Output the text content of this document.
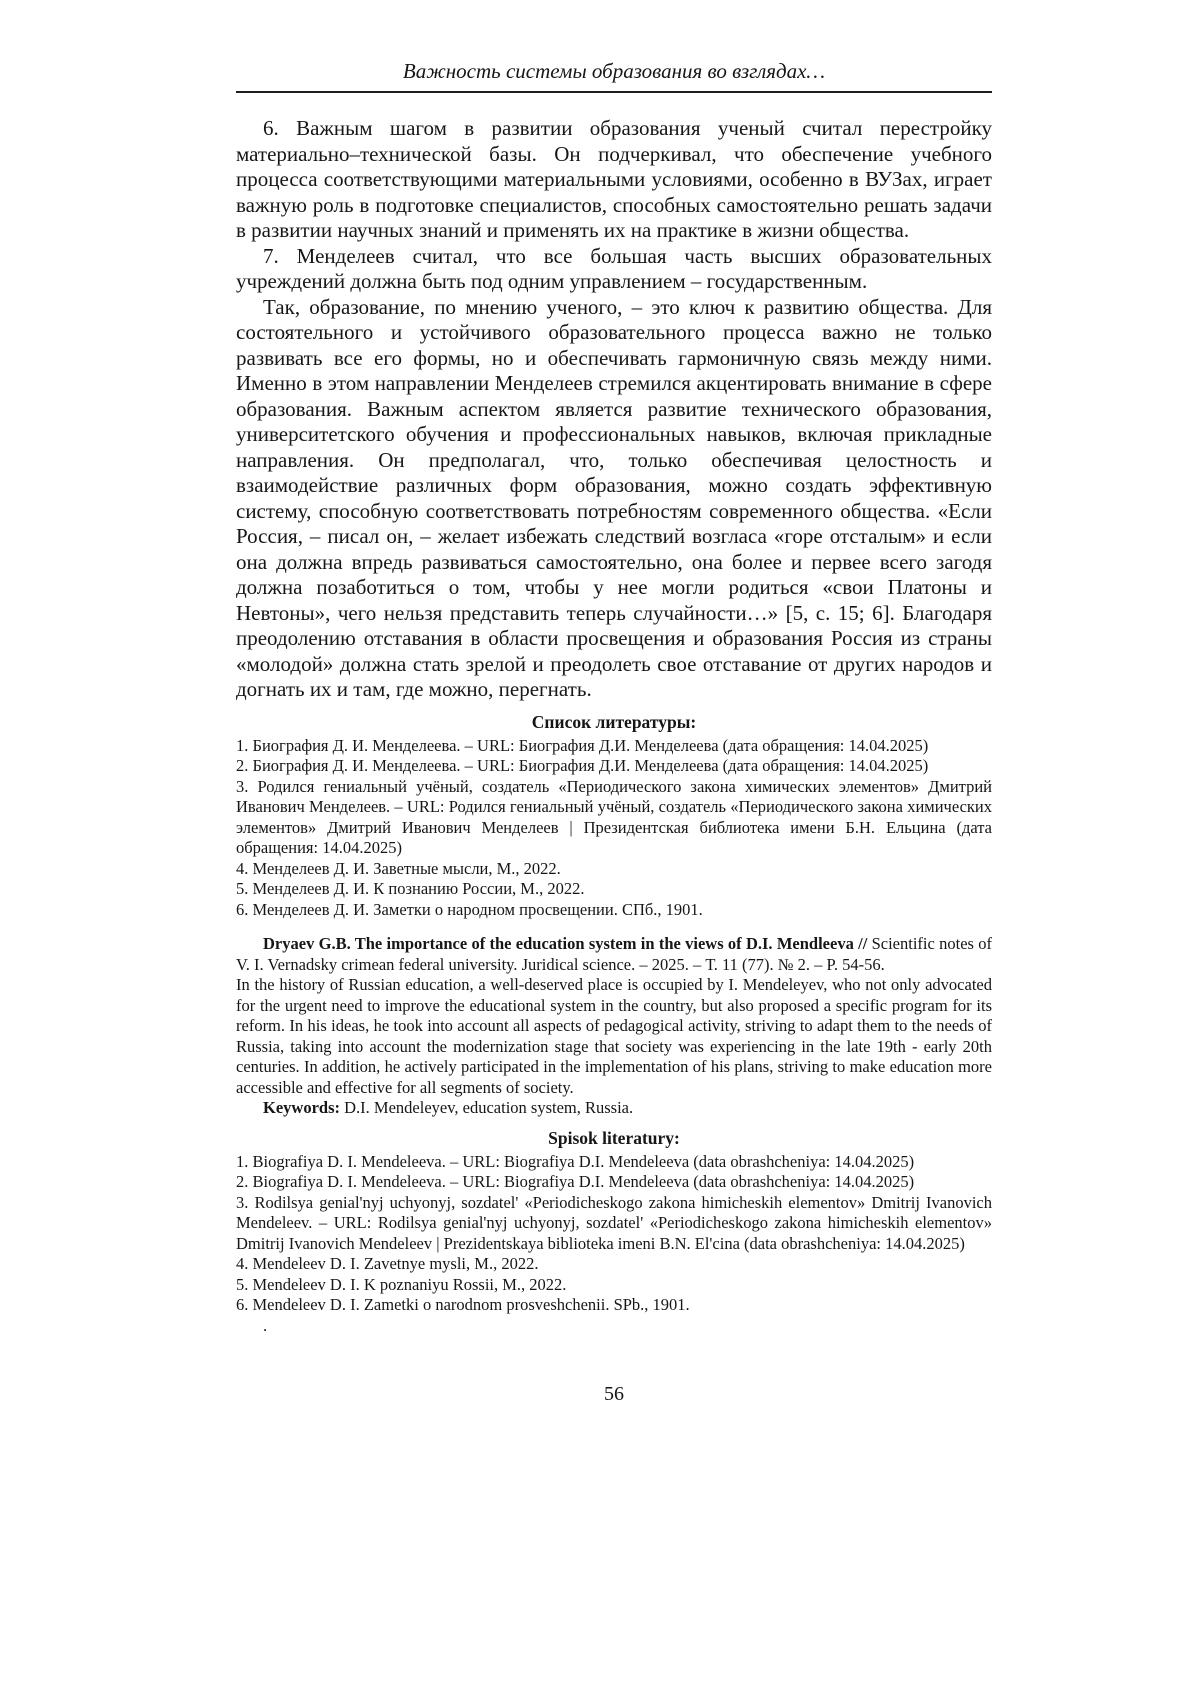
Важность системы образования во взглядах…

6. Важным шагом в развитии образования ученый считал перестройку материально–технической базы. Он подчеркивал, что обеспечение учебного процесса соответствующими материальными условиями, особенно в ВУЗах, играет важную роль в подготовке специалистов, способных самостоятельно решать задачи в развитии научных знаний и применять их на практике в жизни общества.

7. Менделеев считал, что все большая часть высших образовательных учреждений должна быть под одним управлением – государственным.

Так, образование, по мнению ученого, – это ключ к развитию общества. Для состоятельного и устойчивого образовательного процесса важно не только развивать все его формы, но и обеспечивать гармоничную связь между ними. Именно в этом направлении Менделеев стремился акцентировать внимание в сфере образования. Важным аспектом является развитие технического образования, университетского обучения и профессиональных навыков, включая прикладные направления. Он предполагал, что, только обеспечивая целостность и взаимодействие различных форм образования, можно создать эффективную систему, способную соответствовать потребностям современного общества. «Если Россия, – писал он, – желает избежать следствий возгласа «горе отсталым» и если она должна впредь развиваться самостоятельно, она более и первее всего загодя должна позаботиться о том, чтобы у нее могли родиться «свои Платоны и Невтоны», чего нельзя представить теперь случайности…» [5, с. 15; 6]. Благодаря преодолению отставания в области просвещения и образования Россия из страны «молодой» должна стать зрелой и преодолеть свое отставание от других народов и догнать их и там, где можно, перегнать.

Список литературы:

1. Биография Д. И. Менделеева. – URL: Биография Д.И. Менделеева (дата обращения: 14.04.2025)

2. Биография Д. И. Менделеева. – URL: Биография Д.И. Менделеева (дата обращения: 14.04.2025)

3. Родился гениальный учёный, создатель «Периодического закона химических элементов» Дмитрий Иванович Менделеев. – URL: Родился гениальный учёный, создатель «Периодического закона химических элементов» Дмитрий Иванович Менделеев | Президентская библиотека имени Б.Н. Ельцина (дата обращения: 14.04.2025)

4. Менделеев Д. И. Заветные мысли, М., 2022.

5. Менделеев Д. И. К познанию России, М., 2022.

6. Менделеев Д. И. Заметки о народном просвещении. СПб., 1901.

Dryaev G.B. The importance of the education system in the views of D.I. Mendleeva // Scientific notes of V. I. Vernadsky crimean federal university. Juridical science. – 2025. – Т. 11 (77). № 2. – P. 54-56.

In the history of Russian education, a well-deserved place is occupied by I. Mendeleyev, who not only advocated for the urgent need to improve the educational system in the country, but also proposed a specific program for its reform. In his ideas, he took into account all aspects of pedagogical activity, striving to adapt them to the needs of Russia, taking into account the modernization stage that society was experiencing in the late 19th - early 20th centuries. In addition, he actively participated in the implementation of his plans, striving to make education more accessible and effective for all segments of society.

Keywords: D.I. Mendeleyev, education system, Russia.

Spisok literatury:

1. Biografiya D. I. Mendeleeva. – URL: Biografiya D.I. Mendeleeva (data obrashcheniya: 14.04.2025)

2. Biografiya D. I. Mendeleeva. – URL: Biografiya D.I. Mendeleeva (data obrashcheniya: 14.04.2025)

3. Rodilsya genial'nyj uchyonyj, sozdatel' «Periodicheskogo zakona himicheskih elementov» Dmitrij Ivanovich Mendeleev. – URL: Rodilsya genial'nyj uchyonyj, sozdatel' «Periodicheskogo zakona himicheskih elementov» Dmitrij Ivanovich Mendeleev | Prezidentskaya biblioteka imeni B.N. El'cina (data obrashcheniya: 14.04.2025)

4. Mendeleev D. I. Zavetnye mysli, M., 2022.

5. Mendeleev D. I. K poznaniyu Rossii, M., 2022.

6. Mendeleev D. I. Zametki o narodnom prosveshchenii. SPb., 1901.

.

56
